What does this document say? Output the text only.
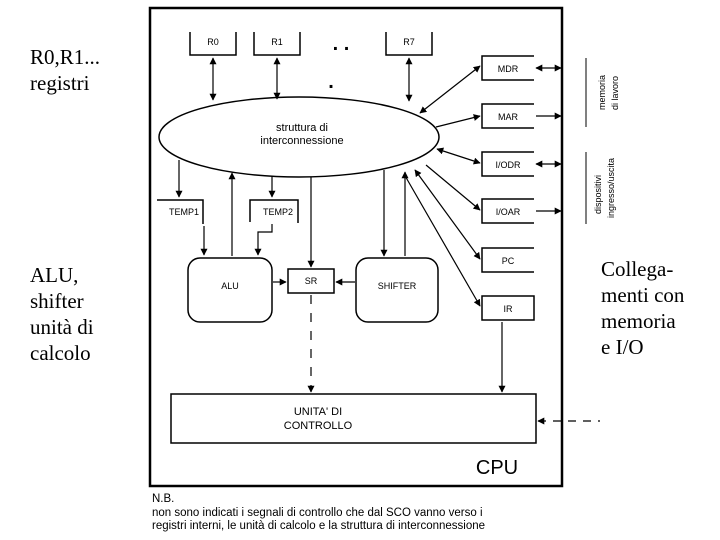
R0,R1...
registri
ALU,
shifter
unità di
calcolo
Collega-
menti con
memoria
e I/O
R0	R1 . .
.
R7
struttura di
interconnessione
MDR
MAR
I/ODR
I/OAR
PC
IR
memoria di lavoro
dispositivi ingresso/uscita
TEMP1	TEMP2
ALU	SR	SHIFTER
UNITA' DI
CONTROLLO
CPU
N.B.
non sono indicati i segnali di controllo che dal SCO vanno verso i
registri interni, le unità di calcolo e la struttura di interconnessione
